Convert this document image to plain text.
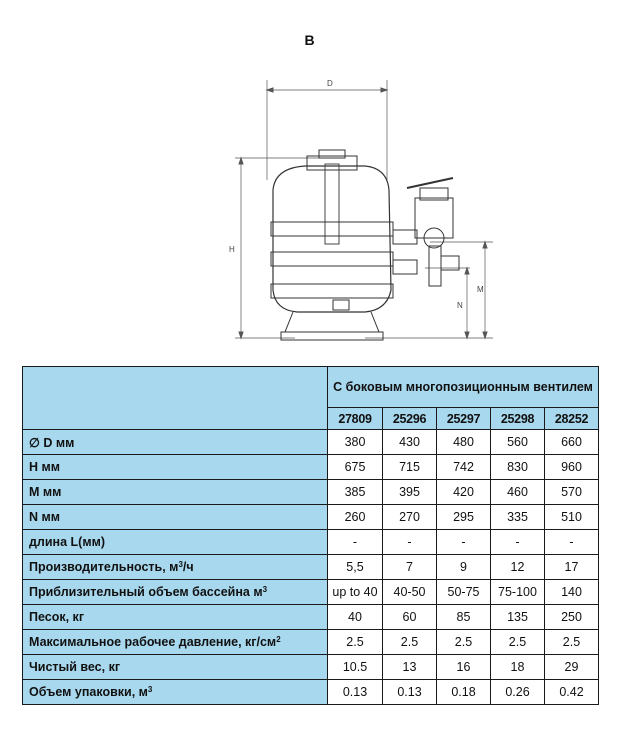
B
D
H
M
N
	С боковым многопозиционным вентилем				
	27809	25296	25297	25298	28252
∅ D мм	380	430	480	560	660
H мм	675	715	742	830	960
M мм	385	395	420	460	570
N мм	260	270	295	335	510
длина L(мм)	-	-	-	-	-
Производительность, $м^3/ч$	5,5	7	9	12	17
Приблизительный объем бассейна $м^3$	up to 40	40-50	50-75	75-100	140
Песок, кг	40	60	85	135	250
Максимальное рабочее давление, $кг/см^2$	2.5	2.5	2.5	2.5	2.5
Чистый вес, кг	10.5	13	16	18	29
Объем упаковки, $м^3$	0.13	0.13	0.18	0.26	0.42
